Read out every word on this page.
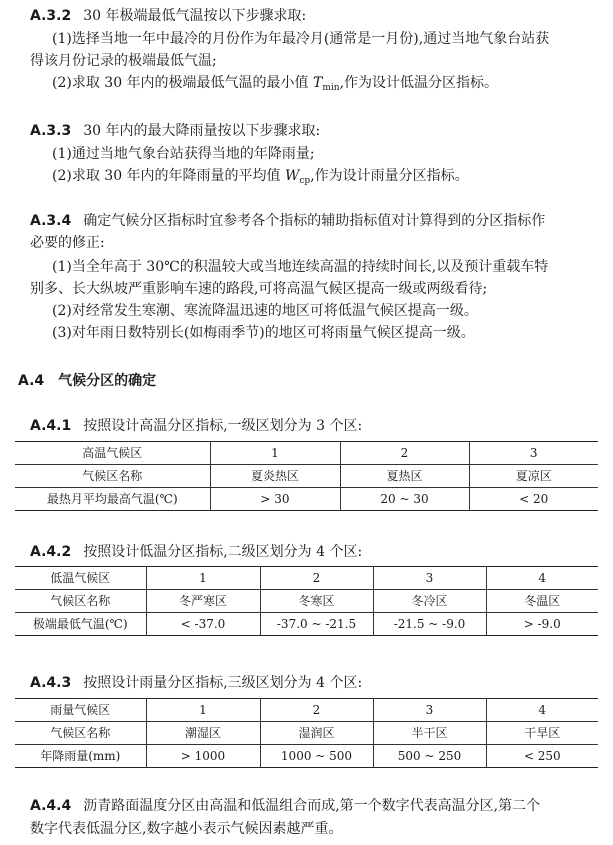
A.3.2 30 年极端最低气温按以下步骤求取:
(1)选择当地一年中最冷的月份作为年最冷月(通常是一月份),通过当地气象台站获
得该月份记录的极端最低气温;
(2)求取 30 年内的极端最低气温的最小值 $T_{min}$,作为设计低温分区指标。
A.3.3 30 年内的最大降雨量按以下步骤求取:
(1)通过当地气象台站获得当地的年降雨量;
(2)求取 30 年内的年降雨量的平均值 $W_{cp}$,作为设计雨量分区指标。
A.3.4 确定气候分区指标时宜参考各个指标的辅助指标值对计算得到的分区指标作
必要的修正:
(1)当全年高于 30℃的积温较大或当地连续高温的持续时间长,以及预计重载车特
别多、长大纵坡严重影响车速的路段,可将高温气候区提高一级或两级看待;
(2)对经常发生寒潮、寒流降温迅速的地区可将低温气候区提高一级。
(3)对年雨日数特别长(如梅雨季节)的地区可将雨量气候区提高一级。
A.4 气候分区的确定
A.4.1 按照设计高温分区指标,一级区划分为 3 个区:
高温气候区	1	2	3
气候区名称	夏炎热区	夏热区	夏凉区
最热月平均最高气温(℃)	> 30	20 ~ 30	< 20
A.4.2 按照设计低温分区指标,二级区划分为 4 个区:
低温气候区	1	2	3	4
气候区名称	冬严寒区	冬寒区	冬冷区	冬温区
极端最低气温(℃)	< -37.0	-37.0 ~ -21.5	-21.5 ~ -9.0	> -9.0
A.4.3 按照设计雨量分区指标,三级区划分为 4 个区:
雨量气候区	1	2	3	4
气候区名称	潮湿区	湿润区	半干区	干旱区
年降雨量(mm)	> 1000	1000 ~ 500	500 ~ 250	< 250
A.4.4 沥青路面温度分区由高温和低温组合而成,第一个数字代表高温分区,第二个
数字代表低温分区,数字越小表示气候因素越严重。
